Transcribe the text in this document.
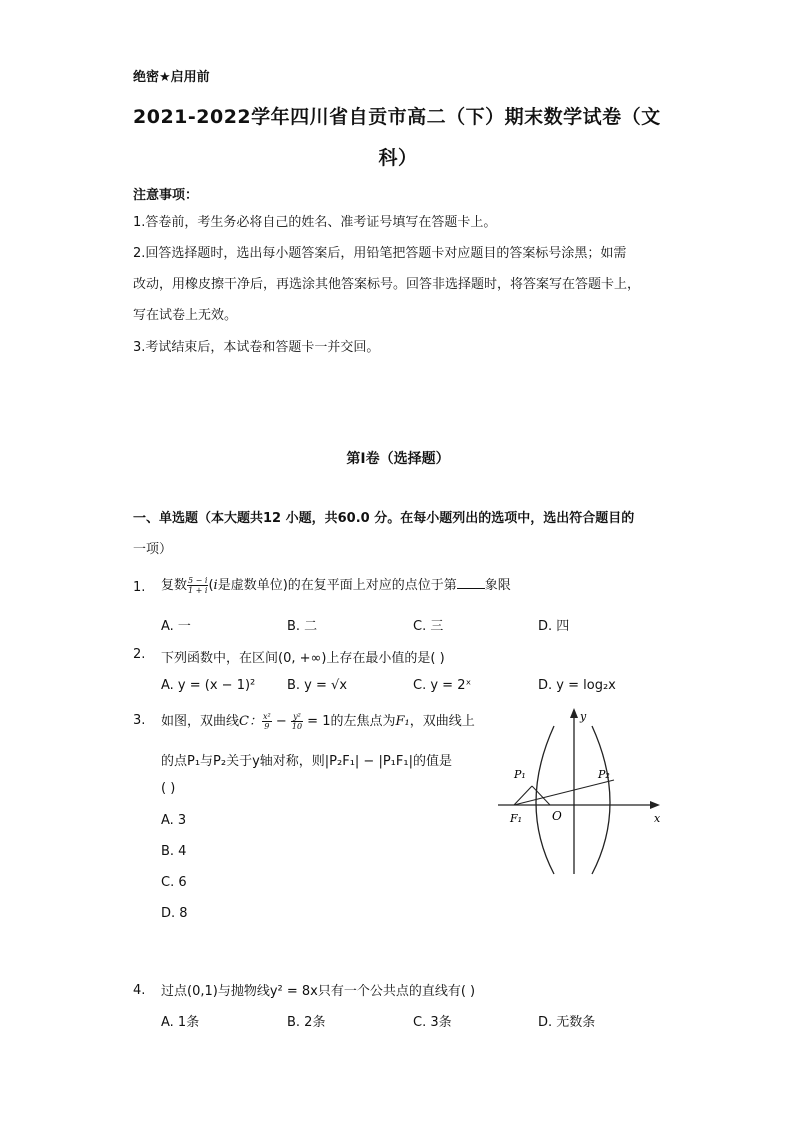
绝密★启用前
2021-2022学年四川省自贡市高二（下）期末数学试卷（文
科）
注意事项：
1.答卷前，考生务必将自己的姓名、准考证号填写在答题卡上。
2.回答选择题时，选出每小题答案后，用铅笔把答题卡对应题目的答案标号涂黑；如需
改动，用橡皮擦干净后，再选涂其他答案标号。回答非选择题时，将答案写在答题卡上，
写在试卷上无效。
3.考试结束后，本试卷和答题卡一并交回。
第Ⅰ卷（选择题）
一、单选题（本大题共12 小题，共60.0 分。在每小题列出的选项中，选出符合题目的
一项）
1. 复数 $\frac{5 - i}{1 + i} (i$是虚数单位)的在复平面上对应的点位于第 象限
A. 一	B. 二	C. 三	D. 四
2. 下列函数中，在区间(0, +∞)上存在最小值的是( )
A. y = (x − 1)² B. y = √x	C. y = 2ˣ	D. y = log₂x
3. 如图，双曲线C： $\frac{\text{x²}}{9} - \frac{\text{y²}}{10} = 1$的左焦点为F₁，双曲线上
的点P₁与P₂关于y轴对称，则|P₂F₁| − |P₁F₁|的值是
( )
A. 3
B. 4
C. 6
D. 8
y
x
O
P₁	P₂
F₁
4. 过点(0,1)与抛物线y² = 8x只有一个公共点的直线有( )
A. 1条	B. 2条	C. 3条	D. 无数条
